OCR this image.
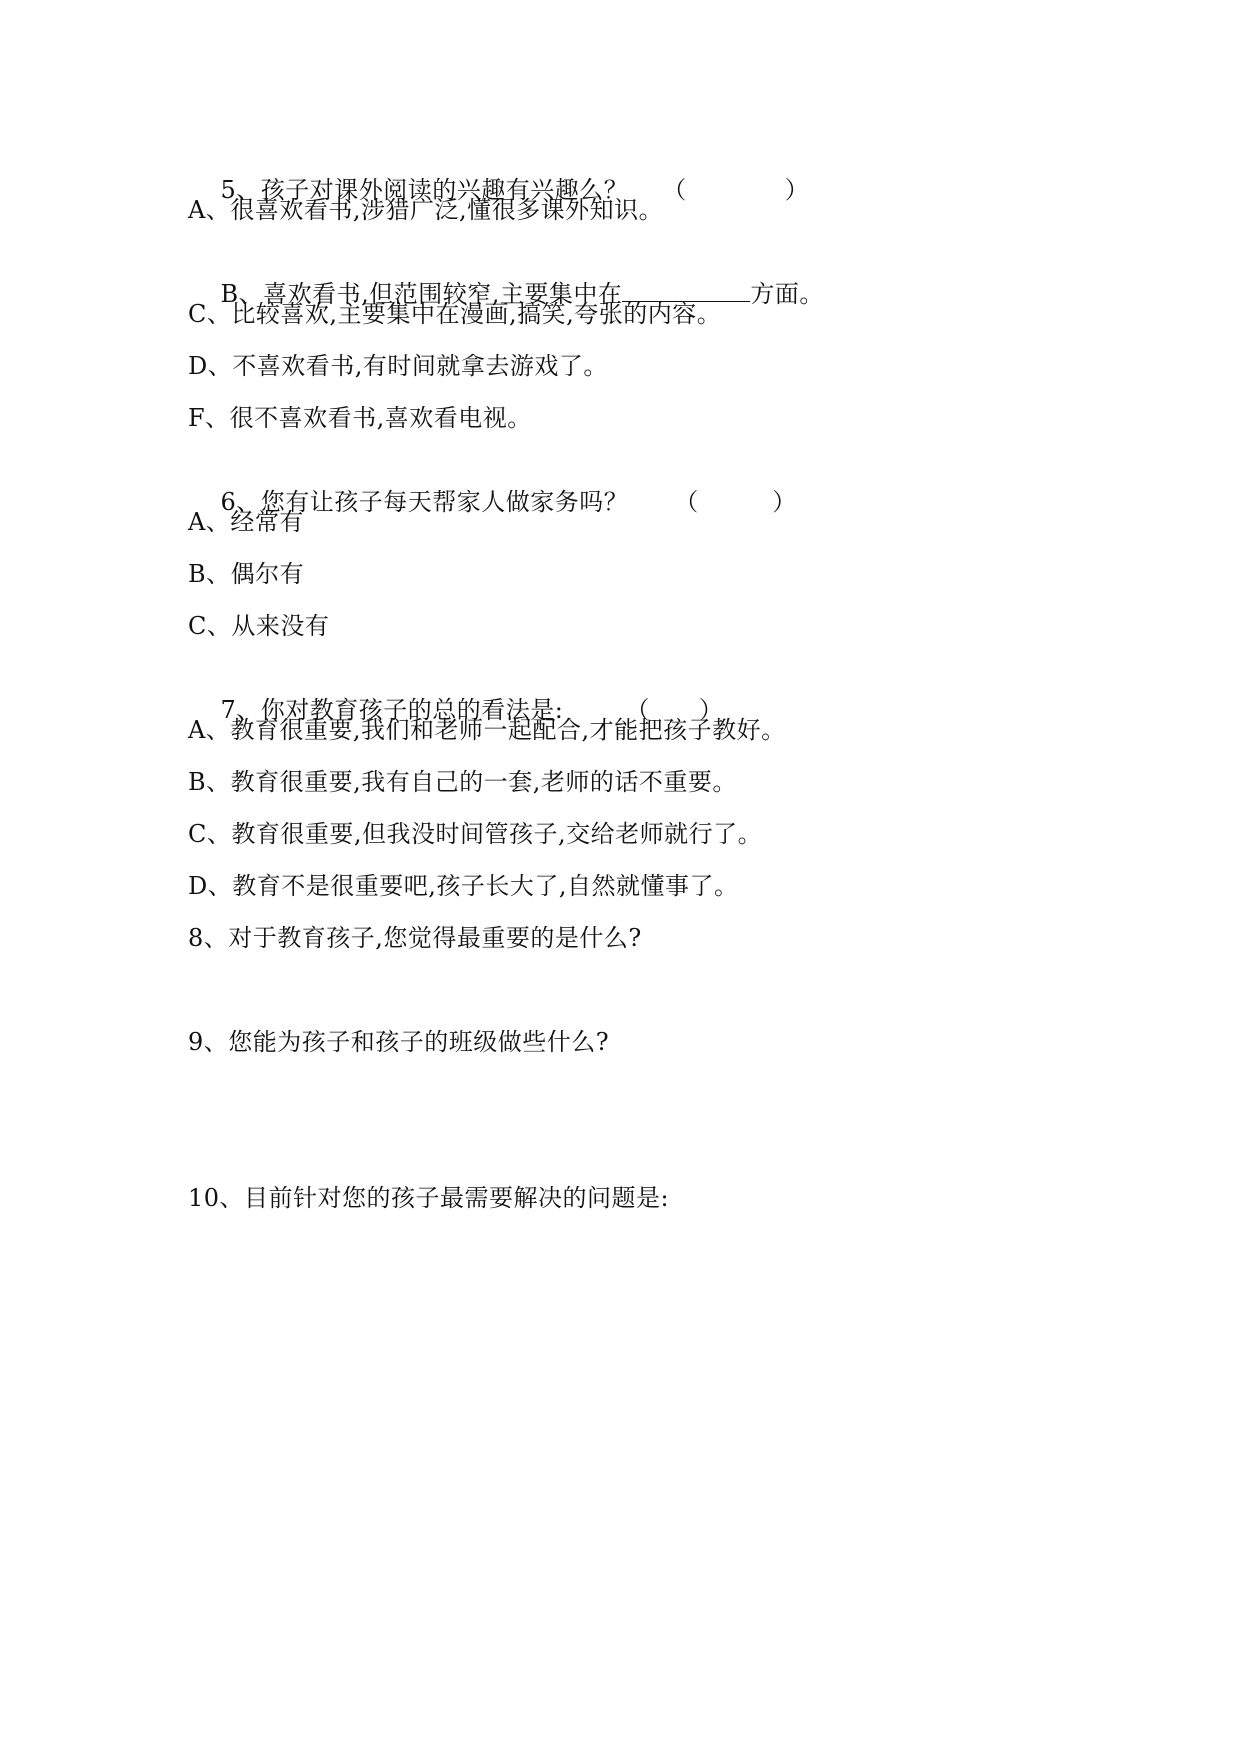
5、孩子对课外阅读的兴趣有兴趣么？ （　　　　）

A、很喜欢看书,涉猎广泛,懂很多课外知识。

B、喜欢看书,但范围较窄,主要集中在	方面。

C、比较喜欢,主要集中在漫画,搞笑,夸张的内容。
D、不喜欢看书,有时间就拿去游戏了。
F、很不喜欢看书,喜欢看电视。

6、您有让孩子每天帮家人做家务吗？ （　　　）

A、经常有
B、偶尔有
C、从来没有

7、你对教育孩子的总的看法是:	（　　）

A、教育很重要,我们和老师一起配合,才能把孩子教好。
B、教育很重要,我有自己的一套,老师的话不重要。
C、教育很重要,但我没时间管孩子,交给老师就行了。
D、教育不是很重要吧,孩子长大了,自然就懂事了。
8、对于教育孩子,您觉得最重要的是什么?
9、您能为孩子和孩子的班级做些什么?
10、目前针对您的孩子最需要解决的问题是:
